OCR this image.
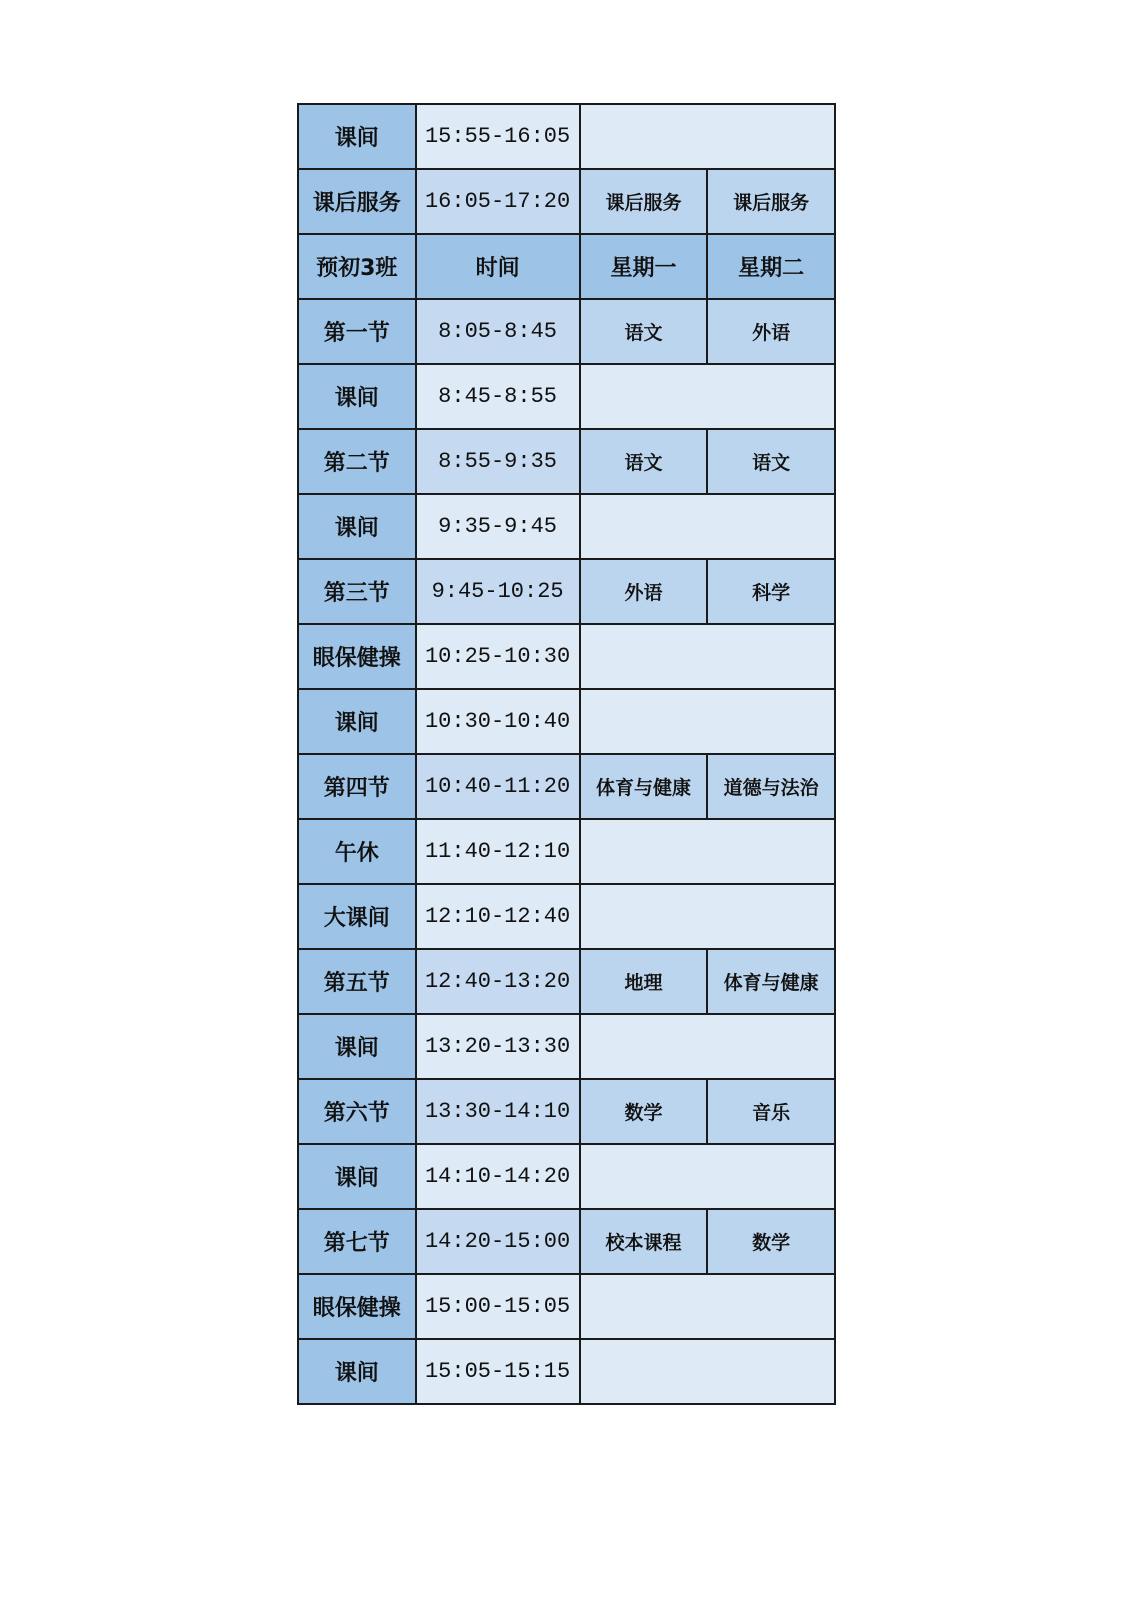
课间	15:55-16:05		
课后服务	16:05-17:20	课后服务	课后服务
预初3班	时间	星期一	星期二
第一节	8:05-8:45	语文	外语
课间	8:45-8:55		
第二节	8:55-9:35	语文	语文
课间	9:35-9:45		
第三节	9:45-10:25	外语	科学
眼保健操	10:25-10:30		
课间	10:30-10:40		
第四节	10:40-11:20	体育与健康	道德与法治
午休	11:40-12:10		
大课间	12:10-12:40		
第五节	12:40-13:20	地理	体育与健康
课间	13:20-13:30		
第六节	13:30-14:10	数学	音乐
课间	14:10-14:20		
第七节	14:20-15:00	校本课程	数学
眼保健操	15:00-15:05		
课间	15:05-15:15		
